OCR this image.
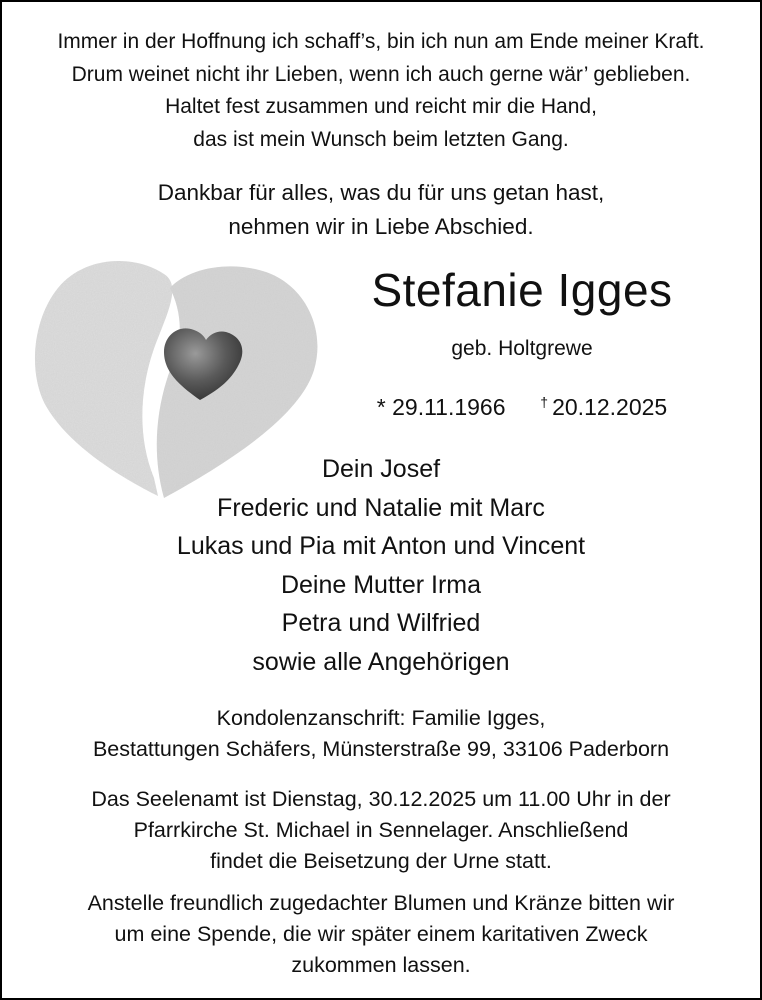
Immer in der Hoffnung ich schaff’s, bin ich nun am Ende meiner Kraft.
Drum weinet nicht ihr Lieben, wenn ich auch gerne wär’ geblieben.
Haltet fest zusammen und reicht mir die Hand,
das ist mein Wunsch beim letzten Gang.
Dankbar für alles, was du für uns getan hast,
nehmen wir in Liebe Abschied.
Stefanie Igges
geb. Holtgrewe
* 29.11.1966 † 20.12.2025
Dein Josef
Frederic und Natalie mit Marc
Lukas und Pia mit Anton und Vincent
Deine Mutter Irma
Petra und Wilfried
sowie alle Angehörigen
Kondolenzanschrift: Familie Igges,
Bestattungen Schäfers, Münsterstraße 99, 33106 Paderborn
Das Seelenamt ist Dienstag, 30.12.2025 um 11.00 Uhr in der
Pfarrkirche St. Michael in Sennelager. Anschließend
findet die Beisetzung der Urne statt.
Anstelle freundlich zugedachter Blumen und Kränze bitten wir
um eine Spende, die wir später einem karitativen Zweck
zukommen lassen.
